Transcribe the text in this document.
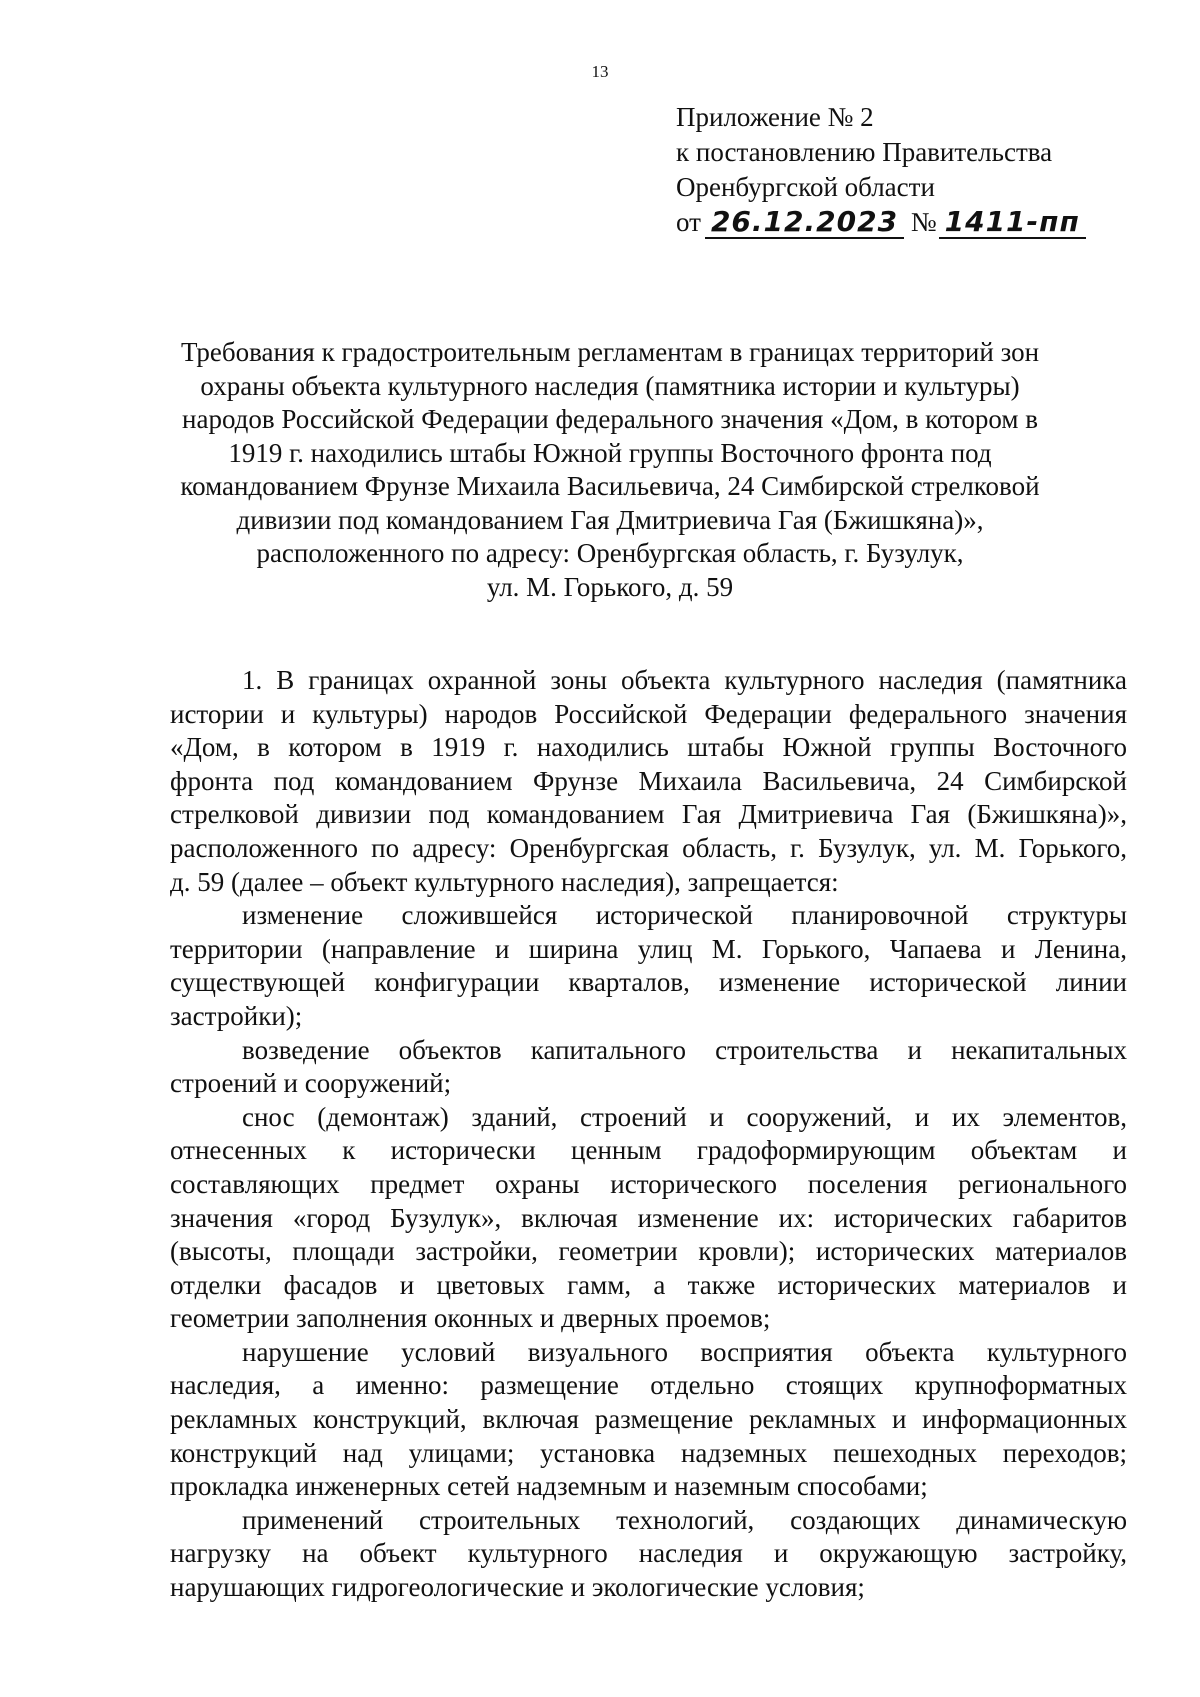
13
Приложение № 2
к постановлению Правительства
Оренбургской области
от 26.12.2023 № 1411-пп
Требования к градостроительным регламентам в границах территорий зон
охраны объекта культурного наследия (памятника истории и культуры)
народов Российской Федерации федерального значения «Дом, в котором в
1919 г. находились штабы Южной группы Восточного фронта под
командованием Фрунзе Михаила Васильевича, 24 Симбирской стрелковой
дивизии под командованием Гая Дмитриевича Гая (Бжишкяна)»,
расположенного по адресу: Оренбургская область, г. Бузулук,
ул. М. Горького, д. 59

1. В границах охранной зоны объекта культурного наследия (памятника
истории и культуры) народов Российской Федерации федерального значения
«Дом, в котором в 1919 г. находились штабы Южной группы Восточного
фронта под командованием Фрунзе Михаила Васильевича, 24 Симбирской
стрелковой дивизии под командованием Гая Дмитриевича Гая (Бжишкяна)»,
расположенного по адресу: Оренбургская область, г. Бузулук, ул. М. Горького,
д. 59 (далее – объект культурного наследия), запрещается:

изменение сложившейся исторической планировочной структуры
территории (направление и ширина улиц М. Горького, Чапаева и Ленина,
существующей конфигурации кварталов, изменение исторической линии
застройки);

возведение объектов капитального строительства и некапитальных
строений и сооружений;

снос (демонтаж) зданий, строений и сооружений, и их элементов,
отнесенных к исторически ценным градоформирующим объектам и
составляющих предмет охраны исторического поселения регионального
значения «город Бузулук», включая изменение их: исторических габаритов
(высоты, площади застройки, геометрии кровли); исторических материалов
отделки фасадов и цветовых гамм, а также исторических материалов и
геометрии заполнения оконных и дверных проемов;

нарушение условий визуального восприятия объекта культурного
наследия, а именно: размещение отдельно стоящих крупноформатных
рекламных конструкций, включая размещение рекламных и информационных
конструкций над улицами; установка надземных пешеходных переходов;
прокладка инженерных сетей надземным и наземным способами;

применений строительных технологий, создающих динамическую
нагрузку на объект культурного наследия и окружающую застройку,
нарушающих гидрогеологические и экологические условия;
